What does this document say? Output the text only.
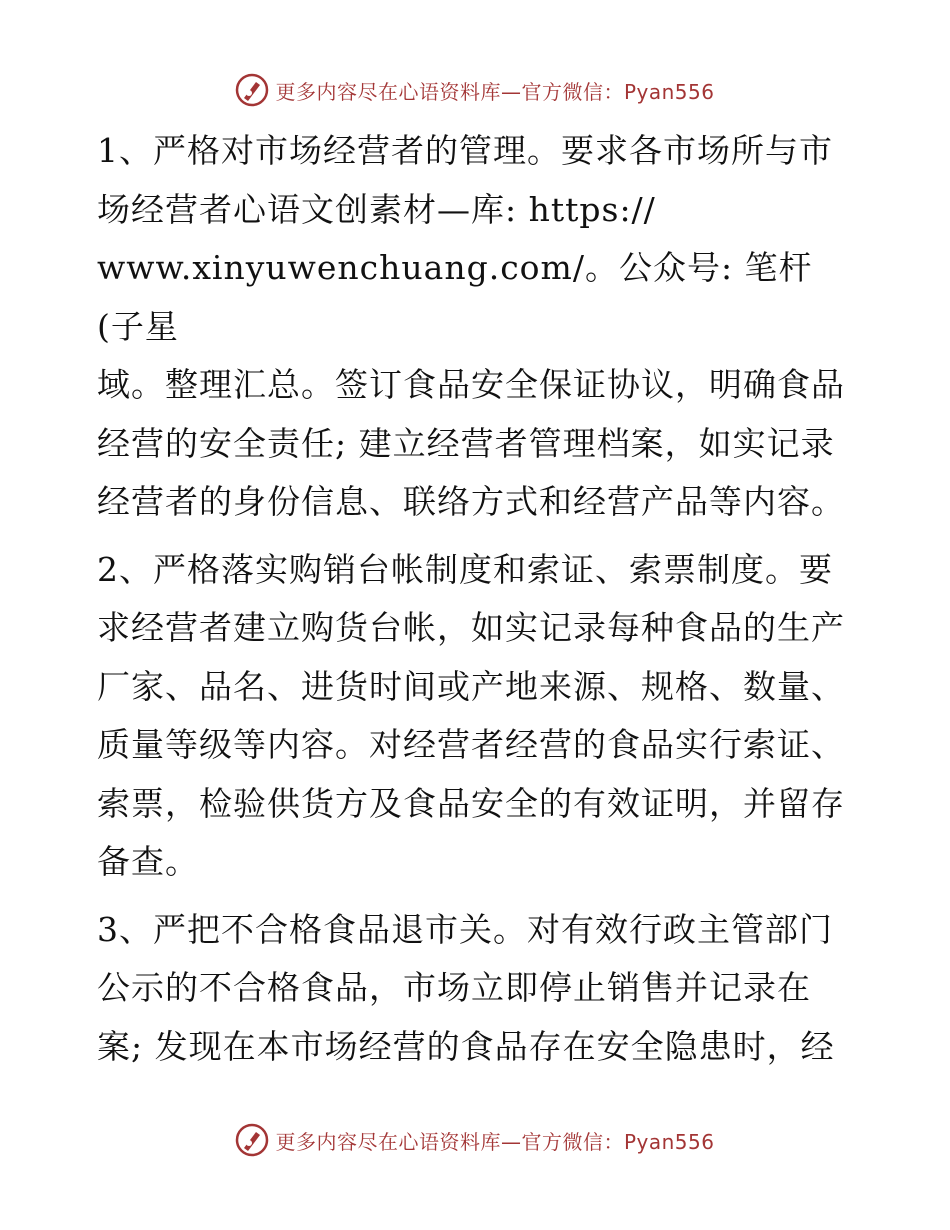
更多内容尽在心语资料库—官方微信：Pyan556

1、严格对市场经营者的管理。要求各市场所与市
场经营者心语文创素材—库: https://
www.xinyuwenchuang.com/。公众号: 笔杆 (子星
域。整理汇总。签订食品安全保证协议，明确食品
经营的安全责任; 建立经营者管理档案，如实记录
经营者的身份信息、联络方式和经营产品等内容。

2、严格落实购销台帐制度和索证、索票制度。要
求经营者建立购货台帐，如实记录每种食品的生产
厂家、品名、进货时间或产地来源、规格、数量、
质量等级等内容。对经营者经营的食品实行索证、
索票，检验供货方及食品安全的有效证明，并留存
备查。

3、严把不合格食品退市关。对有效行政主管部门
公示的不合格食品，市场立即停止销售并记录在
案; 发现在本市场经营的食品存在安全隐患时，经

更多内容尽在心语资料库—官方微信：Pyan556
